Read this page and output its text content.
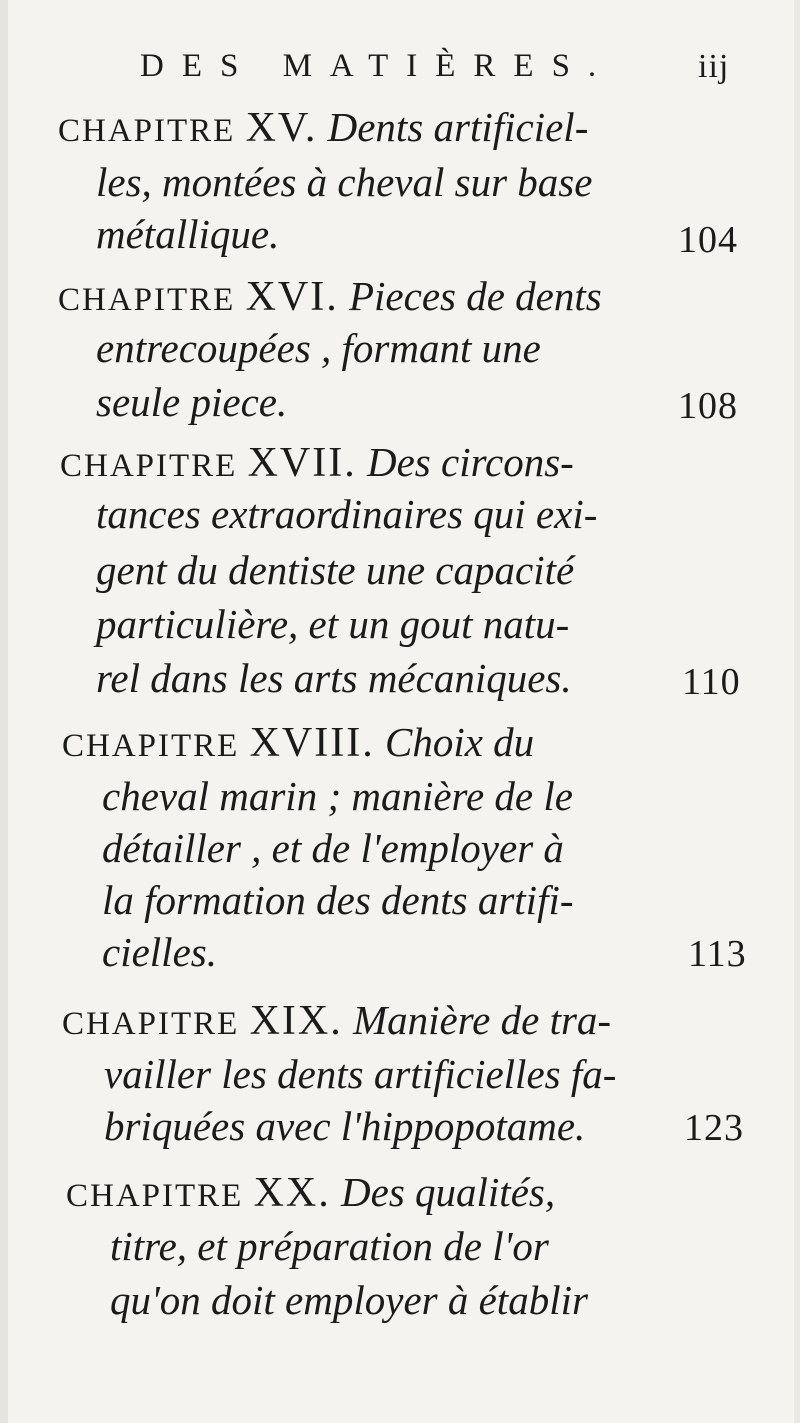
DES MATIÈRES.	iij
CHAPITRE XV. Dents artificiel-
les, montées à cheval sur base
métallique.	104
CHAPITRE XVI. Pieces de dents
entrecoupées , formant une
seule piece.	108
CHAPITRE XVII. Des circons-
tances extraordinaires qui exi-
gent du dentiste une capacité
particulière, et un gout natu-
rel dans les arts mécaniques.	110
CHAPITRE XVIII. Choix du
cheval marin ; manière de le
détailler , et de l'employer à
la formation des dents artifi-
cielles.	113
CHAPITRE XIX. Manière de tra-
vailler les dents artificielles fa-
briquées avec l'hippopotame.	123
CHAPITRE XX. Des qualités,
titre, et préparation de l'or
qu'on doit employer à établir
